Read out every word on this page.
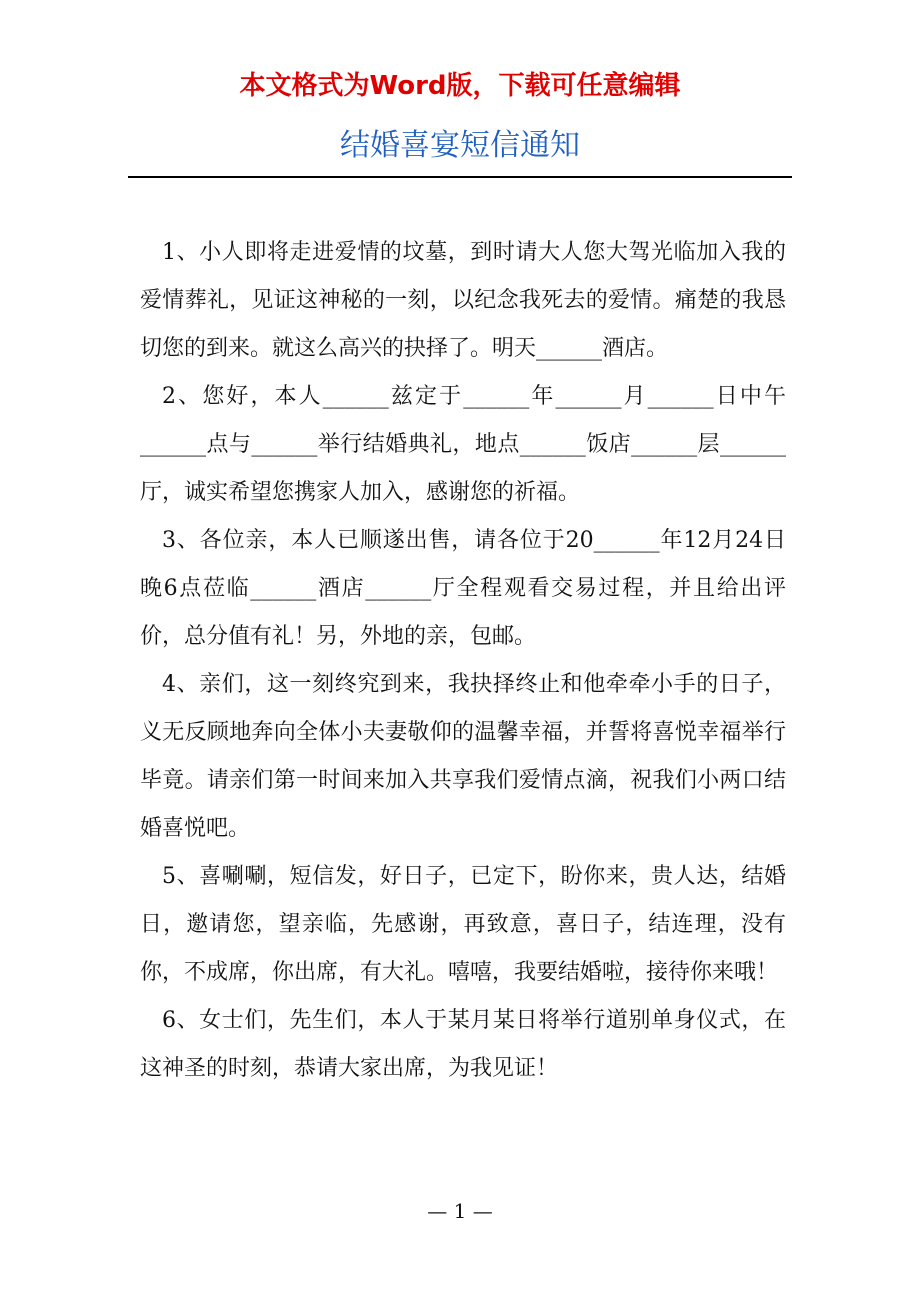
本文格式为Word版，下载可任意编辑
结婚喜宴短信通知

1、小人即将走进爱情的坟墓，到时请大人您大驾光临加入我的爱情葬礼，见证这神秘的一刻，以纪念我死去的爱情。痛楚的我恳切您的到来。就这么高兴的抉择了。明天______酒店。

2、您好，本人______兹定于______年______月______日中午______点与______举行结婚典礼，地点______饭店______层______厅，诚实希望您携家人加入，感谢您的祈福。

3、各位亲，本人已顺遂出售，请各位于20______年12月24日晚6点莅临______酒店______厅全程观看交易过程，并且给出评价，总分值有礼！另，外地的亲，包邮。

4、亲们，这一刻终究到来，我抉择终止和他牵牵小手的日子，义无反顾地奔向全体小夫妻敬仰的温馨幸福，并誓将喜悦幸福举行毕竟。请亲们第一时间来加入共享我们爱情点滴，祝我们小两口结婚喜悦吧。

5、喜唰唰，短信发，好日子，已定下，盼你来，贵人达，结婚日，邀请您，望亲临，先感谢，再致意，喜日子，结连理，没有你，不成席，你出席，有大礼。嘻嘻，我要结婚啦，接待你来哦！

6、女士们，先生们，本人于某月某日将举行道别单身仪式，在这神圣的时刻，恭请大家出席，为我见证！

— 1 —
